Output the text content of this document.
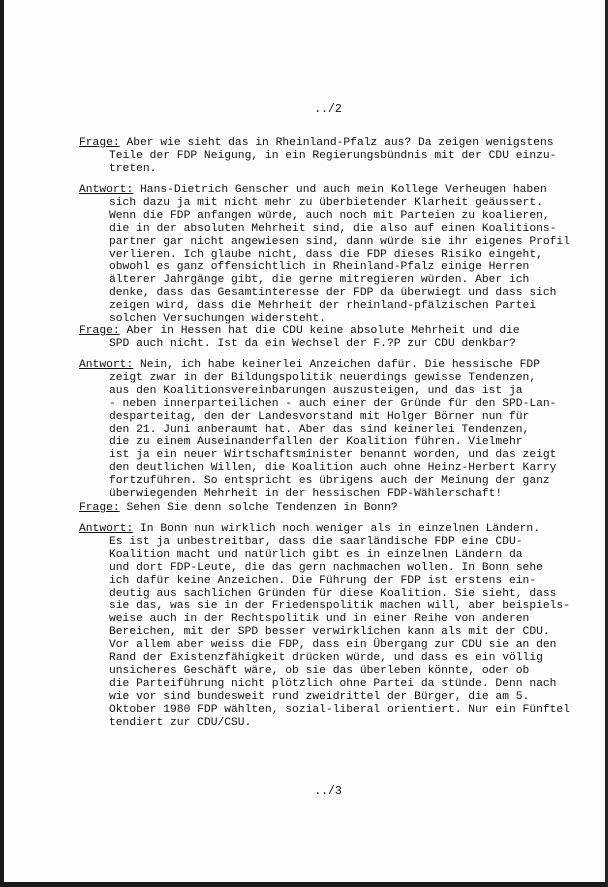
../2
Frage: Aber wie sieht das in Rheinland-Pfalz aus? Da zeigen wenigstens
Teile der FDP Neigung, in ein Regierungsbündnis mit der CDU einzu-
treten.
Antwort: Hans-Dietrich Genscher und auch mein Kollege Verheugen haben
sich dazu ja mit nicht mehr zu überbietender Klarheit geäussert.
Wenn die FDP anfangen würde, auch noch mit Parteien zu koalieren,
die in der absoluten Mehrheit sind, die also auf einen Koalitions-
partner gar nicht angewiesen sind, dann würde sie ihr eigenes Profil
verlieren. Ich glaube nicht, dass die FDP dieses Risiko eingeht,
obwohl es ganz offensichtlich in Rheinland-Pfalz einige Herren
älterer Jahrgänge gibt, die gerne mitregieren würden. Aber ich
denke, dass das Gesamtinteresse der FDP da überwiegt und dass sich
zeigen wird, dass die Mehrheit der rheinland-pfälzischen Partei
solchen Versuchungen widersteht.
Frage: Aber in Hessen hat die CDU keine absolute Mehrheit und die
SPD auch nicht. Ist da ein Wechsel der F.?P zur CDU denkbar?
Antwort: Nein, ich habe keinerlei Anzeichen dafür. Die hessische FDP
zeigt zwar in der Bildungspolitik neuerdings gewisse Tendenzen,
aus den Koalitionsvereinbarungen auszusteigen, und das ist ja
- neben innerparteilichen - auch einer der Gründe für den SPD-Lan-
desparteitag, den der Landesvorstand mit Holger Börner nun für
den 21. Juni anberaumt hat. Aber das sind keinerlei Tendenzen,
die zu einem Auseinanderfallen der Koalition führen. Vielmehr
ist ja ein neuer Wirtschaftsminister benannt worden, und das zeigt
den deutlichen Willen, die Koalition auch ohne Heinz-Herbert Karry
fortzuführen. So entspricht es übrigens auch der Meinung der ganz
überwiegenden Mehrheit in der hessischen FDP-Wählerschaft!
Frage: Sehen Sie denn solche Tendenzen in Bonn?
Antwort: In Bonn nun wirklich noch weniger als in einzelnen Ländern.
Es ist ja unbestreitbar, dass die saarländische FDP eine CDU-
Koalition macht und natürlich gibt es in einzelnen Ländern da
und dort FDP-Leute, die das gern nachmachen wollen. In Bonn sehe
ich dafür keine Anzeichen. Die Führung der FDP ist erstens ein-
deutig aus sachlichen Gründen für diese Koalition. Sie sieht, dass
sie das, was sie in der Friedenspolitik machen will, aber beispiels-
weise auch in der Rechtspolitik und in einer Reihe von anderen
Bereichen, mit der SPD besser verwirklichen kann als mit der CDU.
Vor allem aber weiss die FDP, dass ein Übergang zur CDU sie an den
Rand der Existenzfähigkeit drücken würde, und dass es ein völlig
unsicheres Geschäft wäre, ob sie das überleben könnte, oder ob
die Parteiführung nicht plötzlich ohne Partei da stünde. Denn nach
wie vor sind bundesweit rund zweidrittel der Bürger, die am 5.
Oktober 1980 FDP wählten, sozial-liberal orientiert. Nur ein Fünftel
tendiert zur CDU/CSU.
../3
